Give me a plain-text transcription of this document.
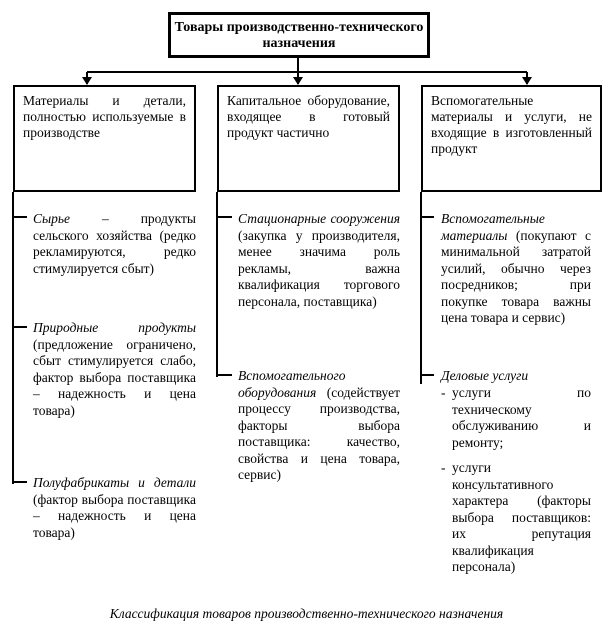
Товары производственно-технического назначения
Материалы и детали, полностью используемые в производстве
Капитальное оборудование, входящее в готовый продукт частично
Вспомогательные материалы и услуги, не входящие в изготовленный продукт
Сырье – продукты сельского хозяйства (редко рекламируются, редко стимулируется сбыт)
Природные продукты (предложение ограничено, сбыт стимулируется слабо, фактор выбора поставщика – надежность и цена товара)
Полуфабрикаты и детали (фактор выбора поставщика – надежность и цена товара)
Стационарные сооружения (закупка у производителя, менее значима роль рекламы, важна квалификация торгового персонала, поставщика)
Вспомогательного оборудования (содействует процессу производства, факторы выбора поставщика: качество, свойства и цена товара, сервис)
Вспомогательные материалы (покупают с минимальной затратой усилий, обычно через посредников; при покупке товара важны цена товара и сервис)
Деловые услуги
- услуги по техническому обслуживанию и ремонту;
- услуги консультативного характера (факторы выбора поставщиков: их репутация квалификация персонала)
Классификация товаров производственно-технического назначения
